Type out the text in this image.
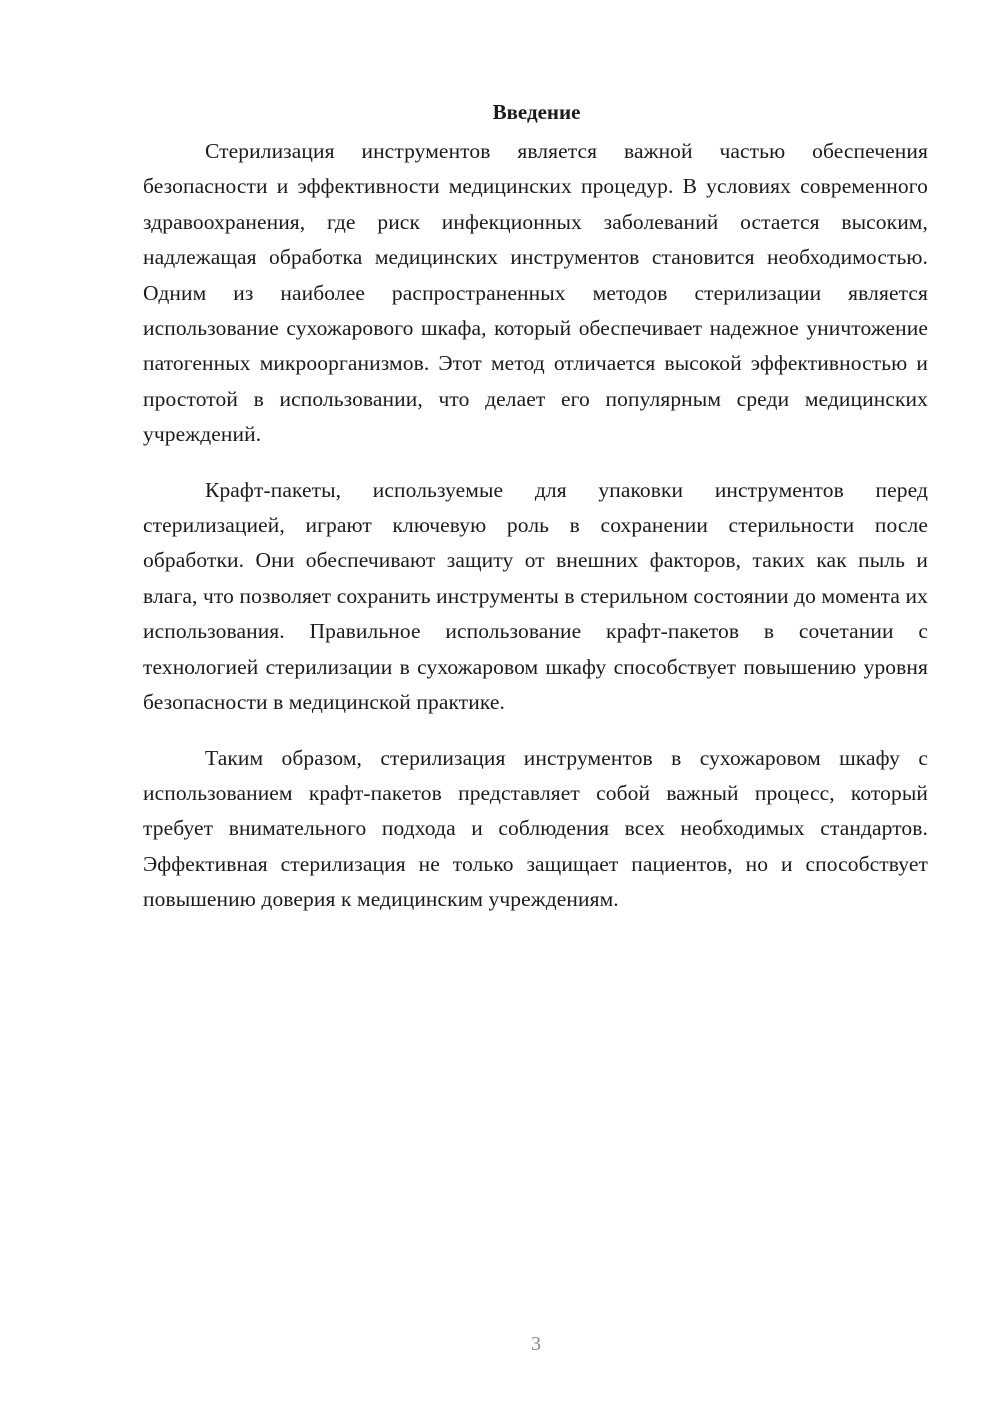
Введение

Стерилизация инструментов является важной частью обеспечения безопасности и эффективности медицинских процедур. В условиях современного здравоохранения, где риск инфекционных заболеваний остается высоким, надлежащая обработка медицинских инструментов становится необходимостью. Одним из наиболее распространенных методов стерилизации является использование сухожарового шкафа, который обеспечивает надежное уничтожение патогенных микроорганизмов. Этот метод отличается высокой эффективностью и простотой в использовании, что делает его популярным среди медицинских учреждений.

Крафт-пакеты, используемые для упаковки инструментов перед стерилизацией, играют ключевую роль в сохранении стерильности после обработки. Они обеспечивают защиту от внешних факторов, таких как пыль и влага, что позволяет сохранить инструменты в стерильном состоянии до момента их использования. Правильное использование крафт-пакетов в сочетании с технологией стерилизации в сухожаровом шкафу способствует повышению уровня безопасности в медицинской практике.

Таким образом, стерилизация инструментов в сухожаровом шкафу с использованием крафт-пакетов представляет собой важный процесс, который требует внимательного подхода и соблюдения всех необходимых стандартов. Эффективная стерилизация не только защищает пациентов, но и способствует повышению доверия к медицинским учреждениям.

3
